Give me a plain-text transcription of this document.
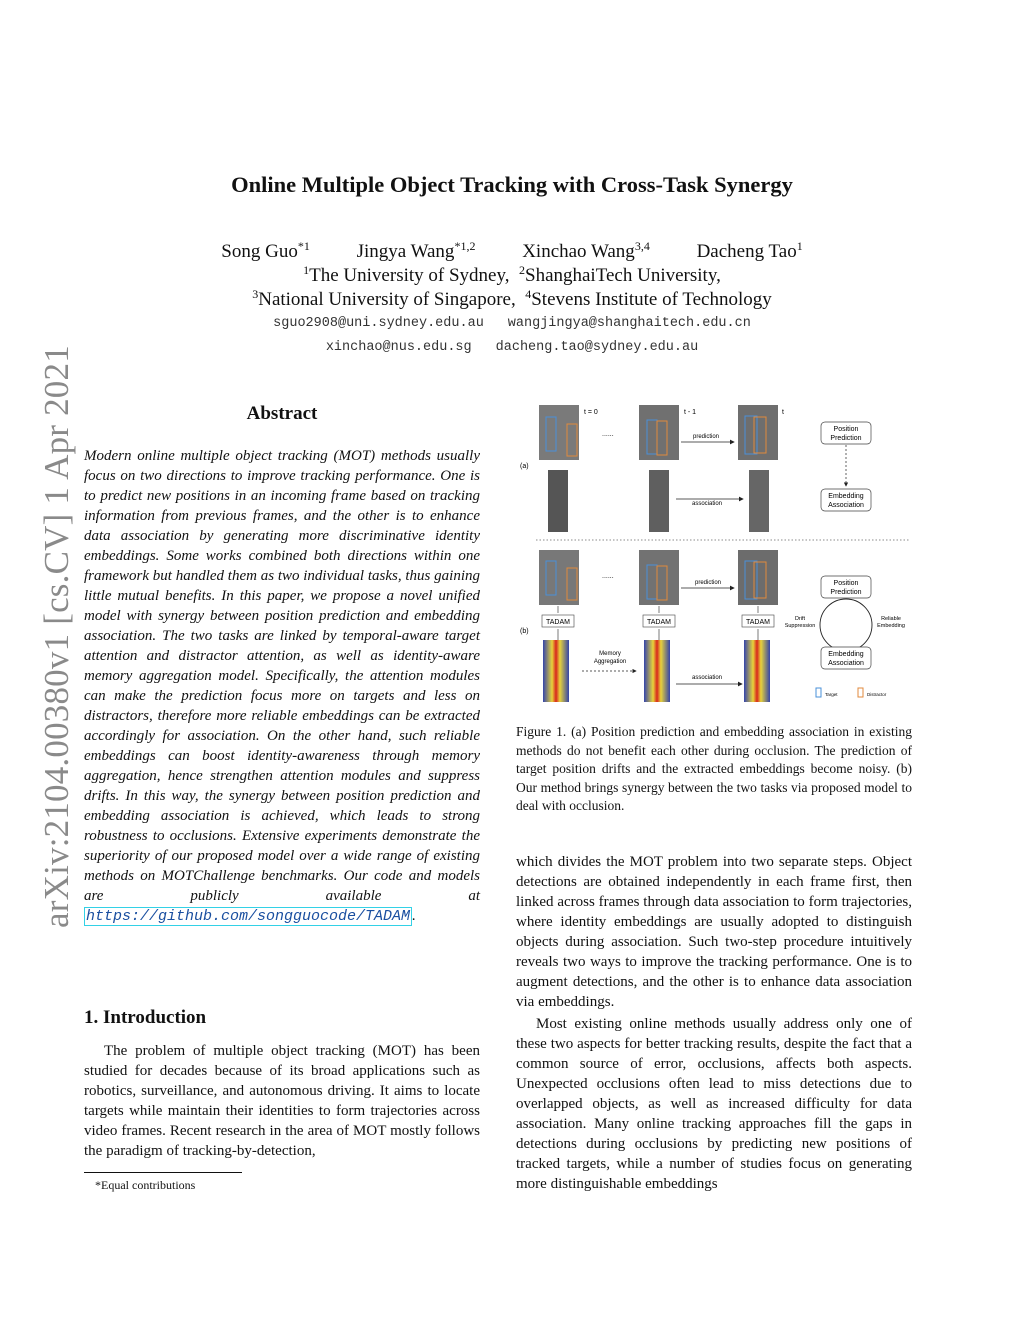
arXiv:2104.00380v1 [cs.CV] 1 Apr 2021
Online Multiple Object Tracking with Cross-Task Synergy
Song Guo$^{*1}$ Jingya Wang$^{*1,2}$ Xinchao Wang$^{3,4}$ Dacheng Tao$^1$
$^1$The University of Sydney, $^2$ShanghaiTech University,
$^3$National University of Singapore, $^4$Stevens Institute of Technology
sguo2908@uni.sydney.edu.au wangjingya@shanghaitech.edu.cn
xinchao@nus.edu.sg dacheng.tao@sydney.edu.au
Abstract
Modern online multiple object tracking (MOT) methods usually focus on two directions to improve tracking performance. One is to predict new positions in an incoming frame based on tracking information from previous frames, and the other is to enhance data association by generating more discriminative identity embeddings. Some works combined both directions within one framework but handled them as two individual tasks, thus gaining little mutual benefits. In this paper, we propose a novel unified model with synergy between position prediction and embedding association. The two tasks are linked by temporal-aware target attention and distractor attention, as well as identity-aware memory aggregation model. Specifically, the attention modules can make the prediction focus more on targets and less on distractors, therefore more reliable embeddings can be extracted accordingly for association. On the other hand, such reliable embeddings can boost identity-awareness through memory aggregation, hence strengthen attention modules and suppress drifts. In this way, the synergy between position prediction and embedding association is achieved, which leads to strong robustness to occlusions. Extensive experiments demonstrate the superiority of our proposed model over a wide range of existing methods on MOTChallenge benchmarks. Our code and models are publicly available at https://github.com/songguocode/TADAM .
1. Introduction
The problem of multiple object tracking (MOT) has been studied for decades because of its broad applications such as robotics, surveillance, and autonomous driving. It aims to locate targets while maintain their identities to form trajectories across video frames. Recent research in the area of MOT mostly follows the paradigm of tracking-by-detection,
*Equal contributions
(a)
t = 0	t - 1	t
......	prediction
association
Position
Prediction
Embedding
Association
(b)
......
prediction
TADAM	TADAM	TADAM
Memory
Aggregation
association
Position
Prediction
Embedding
Association
Drift
Suppression
Reliable
Embedding
Target	Distractor
Figure 1. (a) Position prediction and embedding association in existing methods do not benefit each other during occlusion. The prediction of target position drifts and the extracted embeddings become noisy. (b) Our method brings synergy between the two tasks via proposed model to deal with occlusion.

which divides the MOT problem into two separate steps. Object detections are obtained independently in each frame first, then linked across frames through data association to form trajectories, where identity embeddings are usually adopted to distinguish objects during association. Such two-step procedure intuitively reveals two ways to improve the tracking performance. One is to augment detections, and the other is to enhance data association via embeddings.

Most existing online methods usually address only one of these two aspects for better tracking results, despite the fact that a common source of error, occlusions, affects both aspects. Unexpected occlusions often lead to miss detections due to overlapped objects, as well as increased difficulty for data association. Many online tracking approaches fill the gaps in detections during occlusions by predicting new positions of tracked targets, while a number of studies focus on generating more distinguishable embeddings
